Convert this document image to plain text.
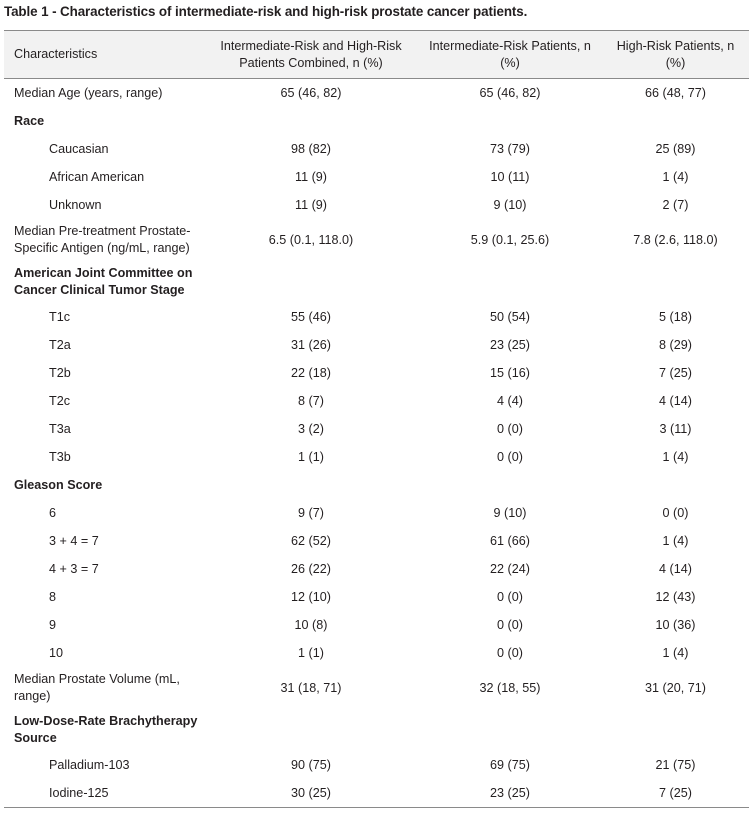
Table 1 - Characteristics of intermediate-risk and high-risk prostate cancer patients.
Characteristics	Intermediate-Risk and High-Risk Patients Combined, n (%)	Intermediate-Risk Patients, n (%)	High-Risk Patients, n (%)
Median Age (years, range)	65 (46, 82)	65 (46, 82)	66 (48, 77)
Race			
Caucasian	98 (82)	73 (79)	25 (89)
African American	11 (9)	10 (11)	1 (4)
Unknown	11 (9)	9 (10)	2 (7)
Median Pre-treatment Prostate-Specific Antigen (ng/mL, range)	6.5 (0.1, 118.0)	5.9 (0.1, 25.6)	7.8 (2.6, 118.0)
American Joint Committee on Cancer Clinical Tumor Stage			
T1c	55 (46)	50 (54)	5 (18)
T2a	31 (26)	23 (25)	8 (29)
T2b	22 (18)	15 (16)	7 (25)
T2c	8 (7)	4 (4)	4 (14)
T3a	3 (2)	0 (0)	3 (11)
T3b	1 (1)	0 (0)	1 (4)
Gleason Score			
6	9 (7)	9 (10)	0 (0)
3 + 4 = 7	62 (52)	61 (66)	1 (4)
4 + 3 = 7	26 (22)	22 (24)	4 (14)
8	12 (10)	0 (0)	12 (43)
9	10 (8)	0 (0)	10 (36)
10	1 (1)	0 (0)	1 (4)
Median Prostate Volume (mL, range)	31 (18, 71)	32 (18, 55)	31 (20, 71)
Low-Dose-Rate Brachytherapy Source			
Palladium-103	90 (75)	69 (75)	21 (75)
Iodine-125	30 (25)	23 (25)	7 (25)
